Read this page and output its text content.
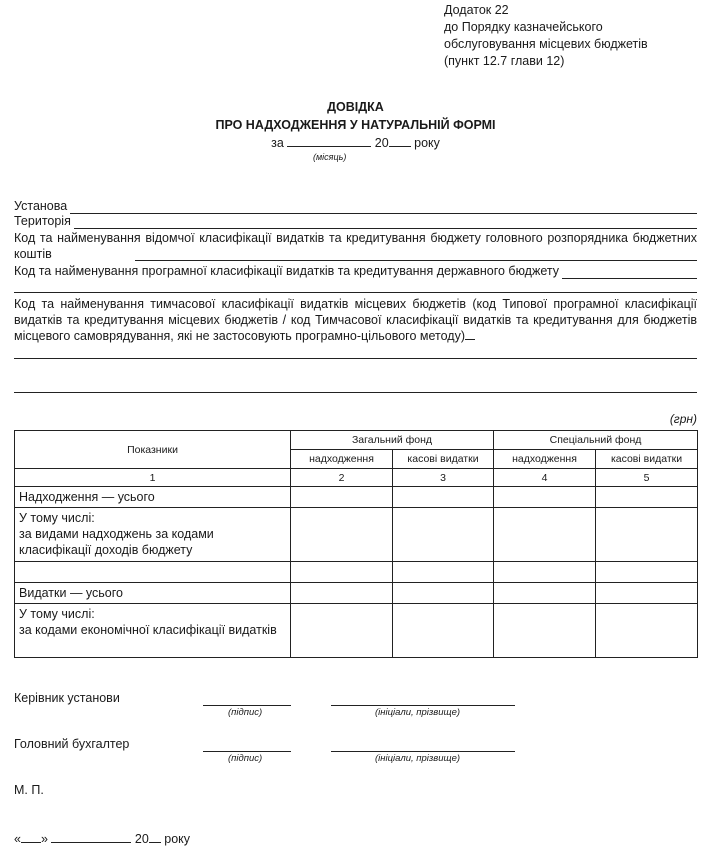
Додаток 22
до Порядку казначейського
обслуговування місцевих бюджетів
(пункт 12.7 глави 12)
ДОВІДКА
ПРО НАДХОДЖЕННЯ У НАТУРАЛЬНІЙ ФОРМІ
за	20 року
(місяць)
Установа
Територія
Код та найменування відомчої класифікації видатків та кредитування бюджету головного розпорядника бюджетних коштів
Код та найменування програмної класифікації видатків та кредитування державного бюджету
Код та найменування тимчасової класифікації видатків місцевих бюджетів (код Типової програмної класифікації видатків та кредитування місцевих бюджетів / код Тимчасової класифікації видатків та кредитування для бюджетів місцевого самоврядування, які не застосовують програмно-цільового методу)
(грн)
Показники	Загальний фонд		Спеціальний фонд	
	надходження	касові видатки	надходження	касові видатки
1	2	3	4	5
Надходження — усього				
У тому числі:
за видами надходжень за кодами класифікації доходів бюджету				

Видатки — усього				
У тому числі:
за кодами економічної класифікації видатків				
Керівник установи
(підпис)	(ініціали, прізвище)
Головний бухгалтер
(підпис)	(ініціали, прізвище)
М. П.
« »	20 року
